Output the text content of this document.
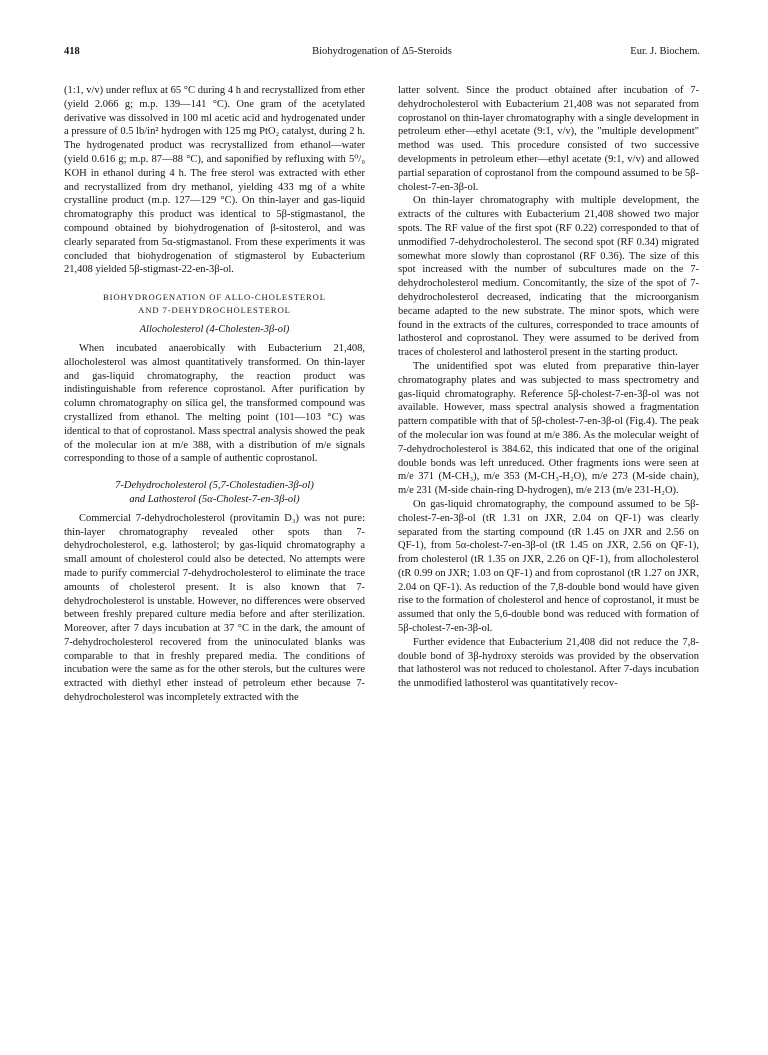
418	Biohydrogenation of Δ5-Steroids	Eur. J. Biochem.

(1:1, v/v) under reflux at 65 °C during 4 h and recrystallized from ether (yield 2.066 g; m.p. 139—141 °C). One gram of the acetylated derivative was dissolved in 100 ml acetic acid and hydrogenated under a pressure of 0.5 lb/in² hydrogen with 125 mg PtO₂ catalyst, during 2 h. The hydrogenated product was recrystallized from ethanol—water (yield 0.616 g; m.p. 87—88 °C), and saponified by refluxing with 5⁰/₀ KOH in ethanol during 4 h. The free sterol was extracted with ether and recrystallized from dry methanol, yielding 433 mg of a white crystalline product (m.p. 127—129 °C). On thin-layer and gas-liquid chromatography this product was identical to 5β-stigmastanol, the compound obtained by biohydrogenation of β-sitosterol, and was clearly separated from 5α-stigmastanol. From these experiments it was concluded that biohydrogenation of stigmasterol by Eubacterium 21,408 yielded 5β-stigmast-22-en-3β-ol.

BIOHYDROGENATION OF ALLO-CHOLESTEROL
AND 7-DEHYDROCHOLESTEROL
Allocholesterol (4-Cholesten-3β-ol)

When incubated anaerobically with Eubacterium 21,408, allocholesterol was almost quantitatively transformed. On thin-layer and gas-liquid chromatography, the reaction product was indistinguishable from reference coprostanol. After purification by column chromatography on silica gel, the transformed compound was crystallized from ethanol. The melting point (101—103 °C) was identical to that of coprostanol. Mass spectral analysis showed the peak of the molecular ion at m/e 388, with a distribution of m/e signals corresponding to those of a sample of authentic coprostanol.

7-Dehydrocholesterol (5,7-Cholestadien-3β-ol)
and Lathosterol (5α-Cholest-7-en-3β-ol)

Commercial 7-dehydrocholesterol (provitamin D₃) was not pure: thin-layer chromatography revealed other spots than 7-dehydrocholesterol, e.g. lathosterol; by gas-liquid chromatography a small amount of cholesterol could also be detected. No attempts were made to purify commercial 7-dehydrocholesterol to eliminate the trace amounts of cholesterol present. It is also known that 7-dehydrocholesterol is unstable. However, no differences were observed between freshly prepared culture media before and after sterilization. Moreover, after 7 days incubation at 37 °C in the dark, the amount of 7-dehydrocholesterol recovered from the uninoculated blanks was comparable to that in freshly prepared media. The conditions of incubation were the same as for the other sterols, but the cultures were extracted with diethyl ether instead of petroleum ether because 7-dehydrocholesterol was incompletely extracted with the

latter solvent. Since the product obtained after incubation of 7-dehydrocholesterol with Eubacterium 21,408 was not separated from coprostanol on thin-layer chromatography with a single development in petroleum ether—ethyl acetate (9:1, v/v), the "multiple development" method was used. This procedure consisted of two successive developments in petroleum ether—ethyl acetate (9:1, v/v) and allowed partial separation of coprostanol from the compound assumed to be 5β-cholest-7-en-3β-ol.

On thin-layer chromatography with multiple development, the extracts of the cultures with Eubacterium 21,408 showed two major spots. The RF value of the first spot (RF 0.22) corresponded to that of unmodified 7-dehydrocholesterol. The second spot (RF 0.34) migrated somewhat more slowly than coprostanol (RF 0.36). The size of this spot increased with the number of subcultures made on the 7-dehydrocholesterol medium. Concomitantly, the size of the spot of 7-dehydrocholesterol decreased, indicating that the microorganism became adapted to the new substrate. The minor spots, which were found in the extracts of the cultures, corresponded to trace amounts of lathosterol and coprostanol. They were assumed to be derived from traces of cholesterol and lathosterol present in the starting product.

The unidentified spot was eluted from preparative thin-layer chromatography plates and was subjected to mass spectrometry and gas-liquid chromatography. Reference 5β-cholest-7-en-3β-ol was not available. However, mass spectral analysis showed a fragmentation pattern compatible with that of 5β-cholest-7-en-3β-ol (Fig.4). The peak of the molecular ion was found at m/e 386. As the molecular weight of 7-dehydrocholesterol is 384.62, this indicated that one of the original double bonds was left unreduced. Other fragments ions were seen at m/e 371 (M-CH₃), m/e 353 (M-CH₃-H₂O), m/e 273 (M-side chain), m/e 231 (M-side chain-ring D-hydrogen), m/e 213 (m/e 231-H₂O).

On gas-liquid chromatography, the compound assumed to be 5β-cholest-7-en-3β-ol (tR 1.31 on JXR, 2.04 on QF-1) was clearly separated from the starting compound (tR 1.45 on JXR and 2.56 on QF-1), from 5α-cholest-7-en-3β-ol (tR 1.45 on JXR, 2.56 on QF-1), from cholesterol (tR 1.35 on JXR, 2.26 on QF-1), from allocholesterol (tR 0.99 on JXR; 1.03 on QF-1) and from coprostanol (tR 1.27 on JXR, 2.04 on QF-1). As reduction of the 7,8-double bond would have given rise to the formation of cholesterol and hence of coprostanol, it must be assumed that only the 5,6-double bond was reduced with formation of 5β-cholest-7-en-3β-ol.

Further evidence that Eubacterium 21,408 did not reduce the 7,8-double bond of 3β-hydroxy steroids was provided by the observation that lathosterol was not reduced to cholestanol. After 7-days incubation the unmodified lathosterol was quantitatively recov-
